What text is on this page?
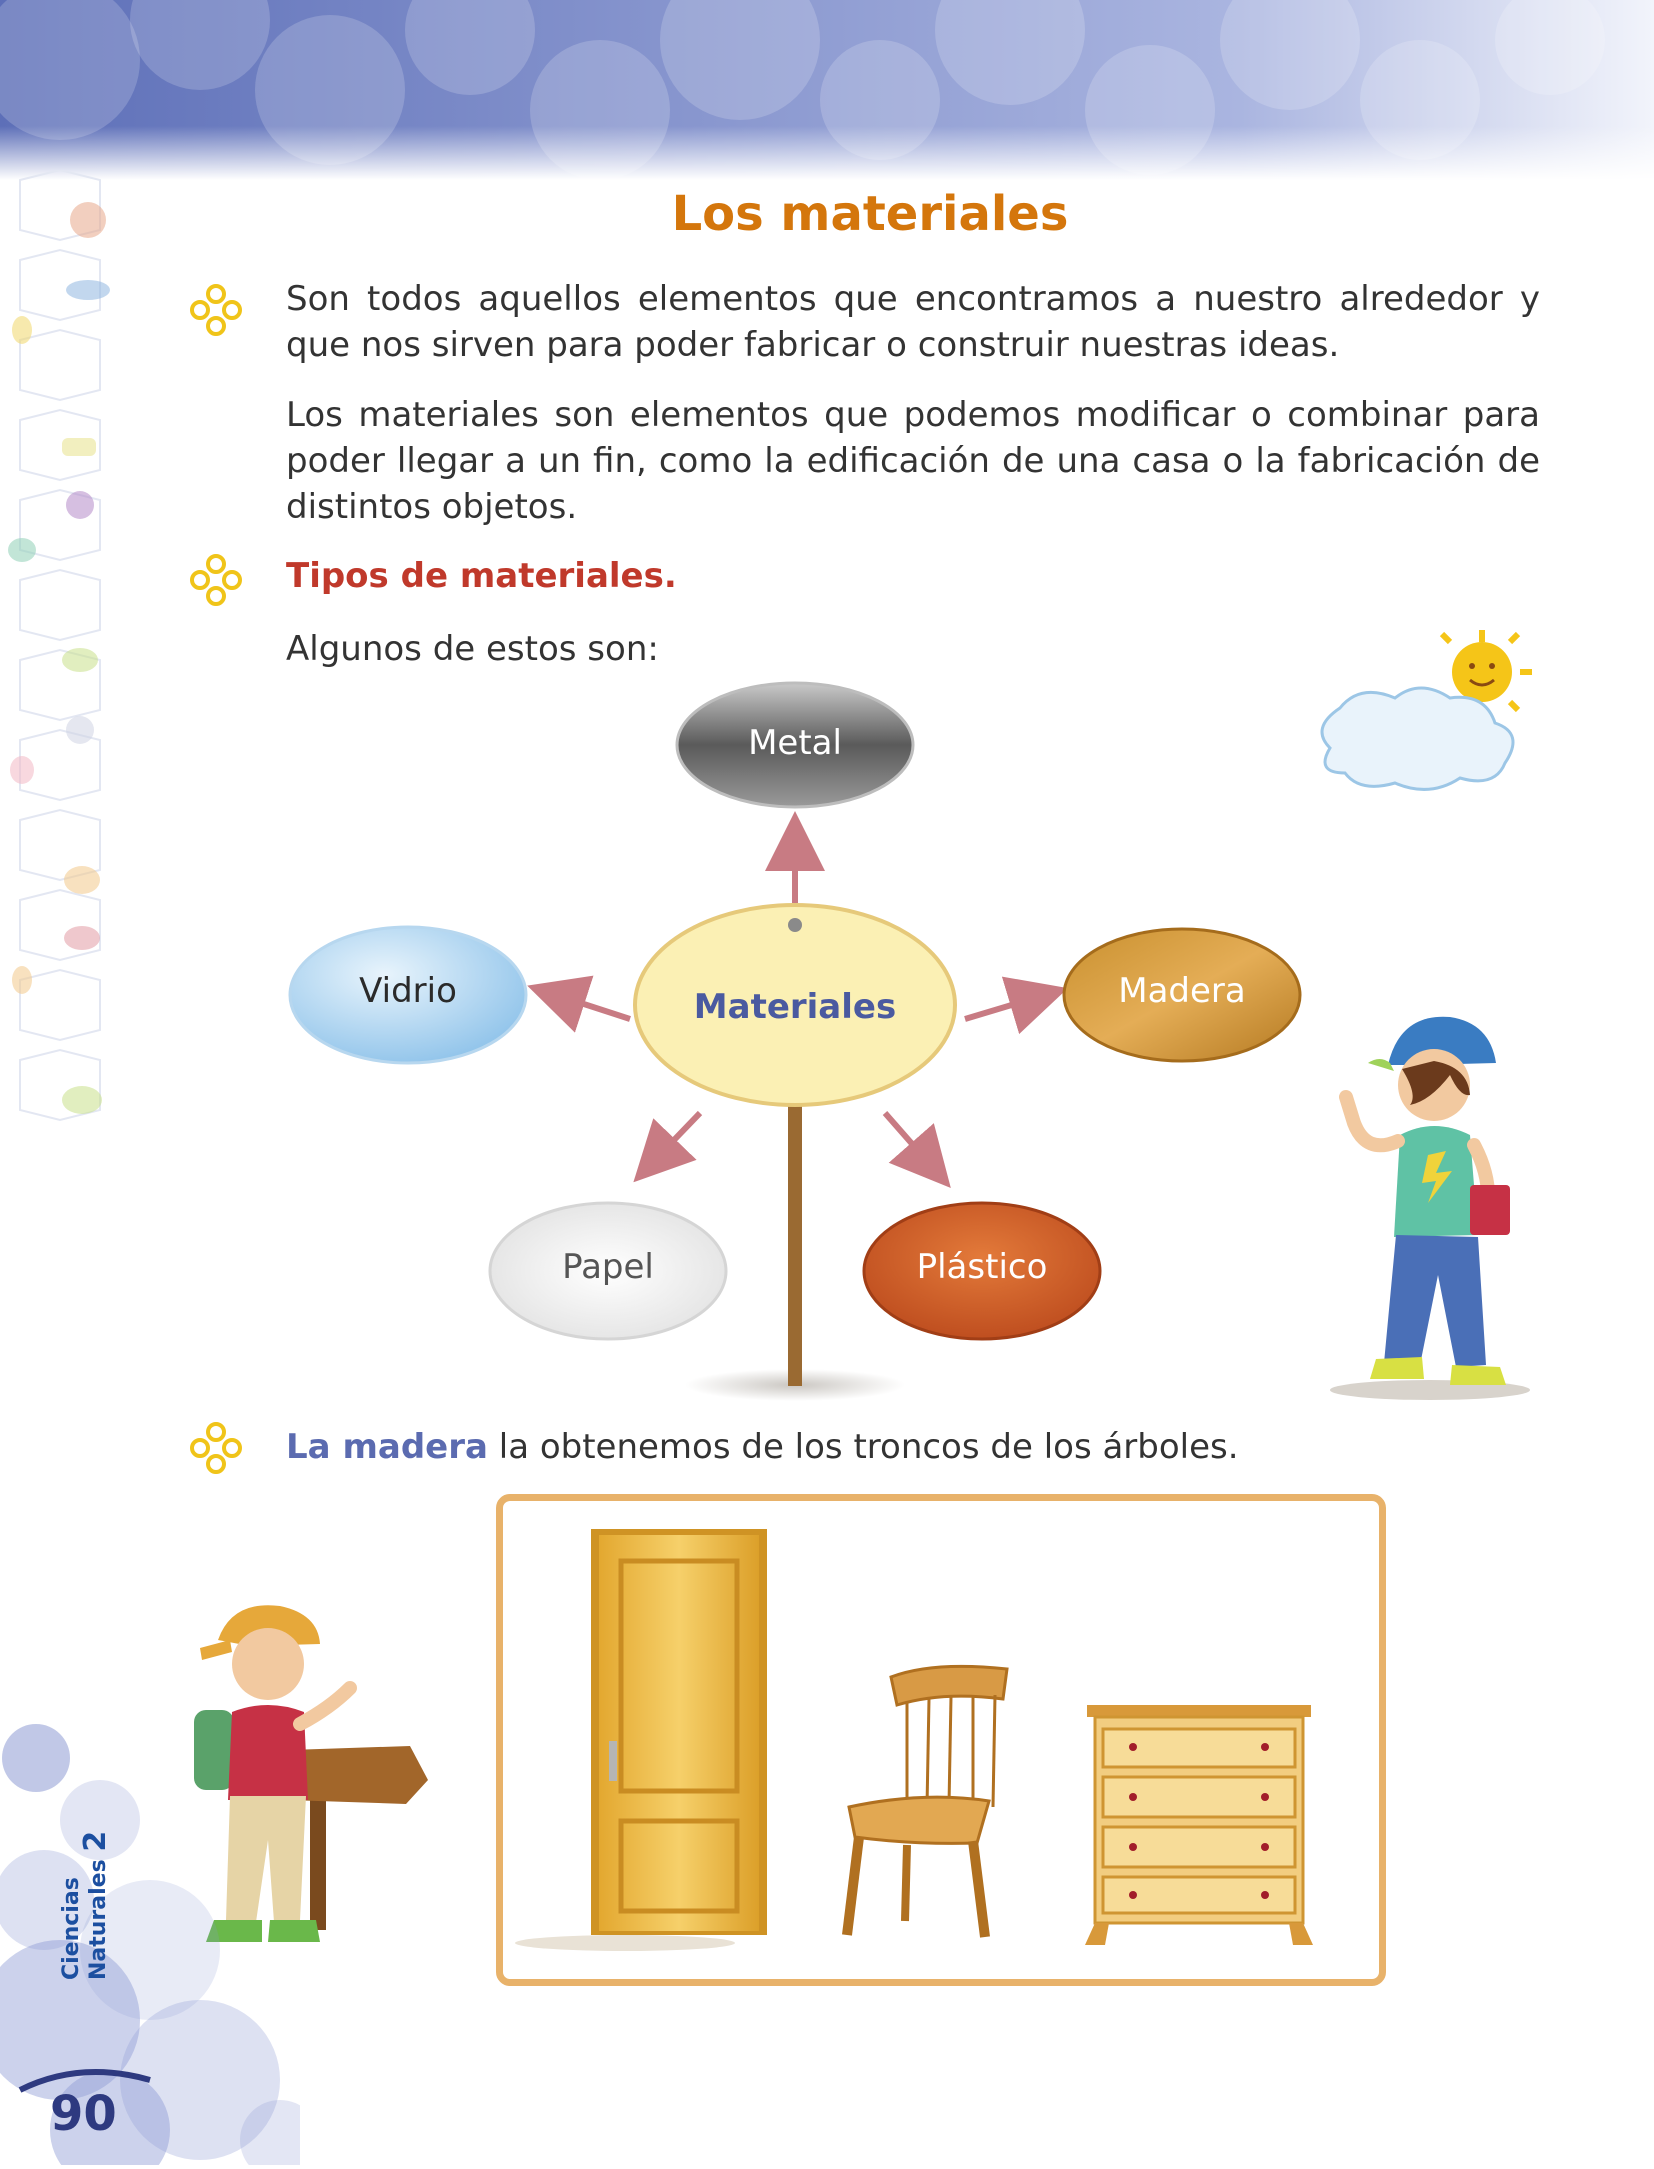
Los materiales
Son todos aquellos elementos que encontramos a nuestro alrededor y que nos sirven para poder fabricar o construir nuestras ideas.
Los materiales son elementos que podemos modificar o combinar para poder llegar a un fin, como la edificación de una casa o la fabricación de distintos objetos.
Tipos de materiales.
Algunos de estos son:
Metal
Vidrio	Madera
Papel	Plástico
Materiales
La madera la obtenemos de los troncos de los árboles.
Ciencias Naturales 2
90
